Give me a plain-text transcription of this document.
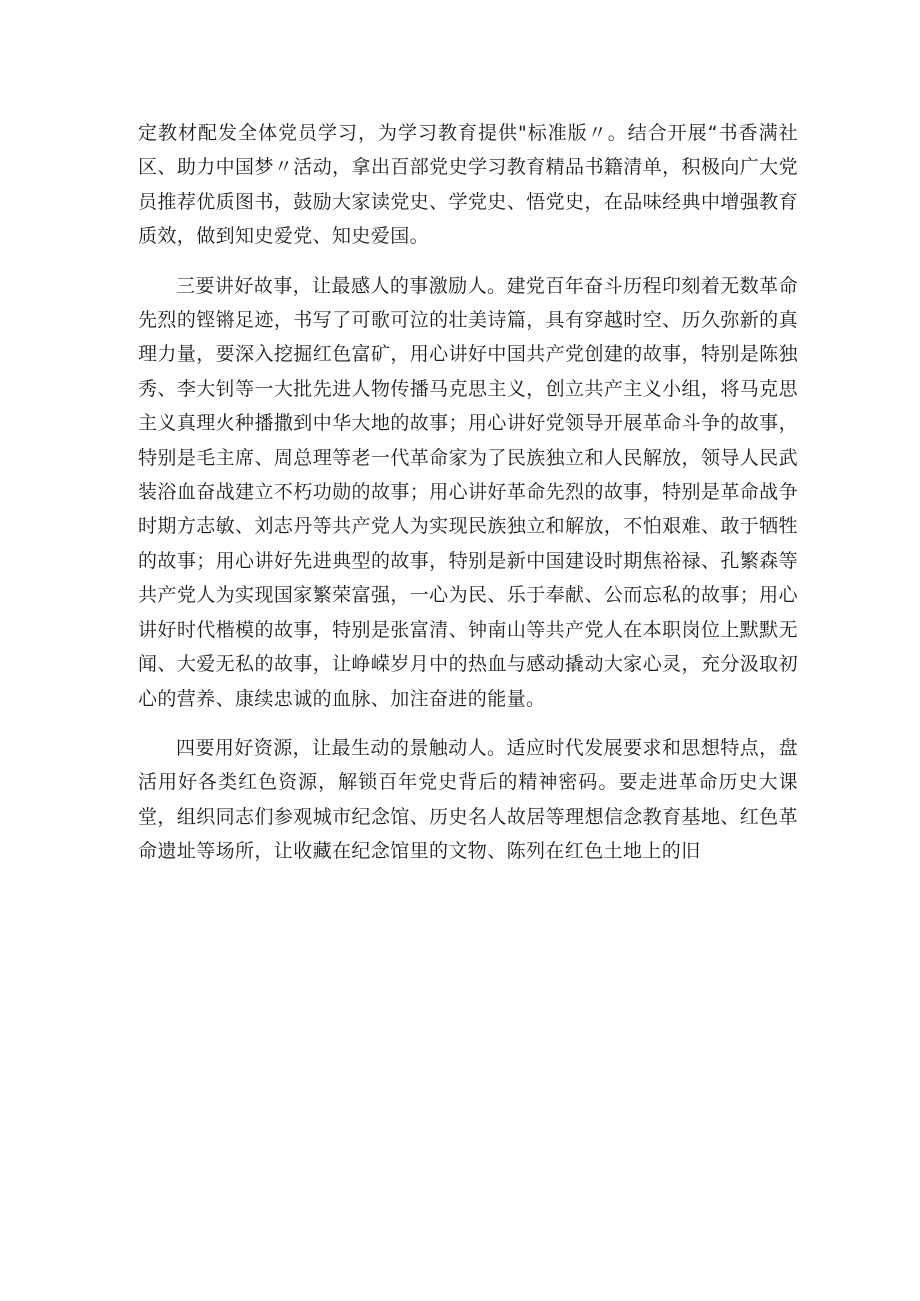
定教材配发全体党员学习，为学习教育提供"标准版〃。结合开展“书香满社区、助力中国梦〃活动，拿出百部党史学习教育精品书籍清单，积极向广大党员推荐优质图书，鼓励大家读党史、学党史、悟党史，在品味经典中增强教育质效，做到知史爱党、知史爱国。

三要讲好故事，让最感人的事激励人。建党百年奋斗历程印刻着无数革命先烈的铿锵足迹，书写了可歌可泣的壮美诗篇，具有穿越时空、历久弥新的真理力量，要深入挖掘红色富矿，用心讲好中国共产党创建的故事，特别是陈独秀、李大钊等一大批先进人物传播马克思主义，创立共产主义小组，将马克思主义真理火种播撒到中华大地的故事；用心讲好党领导开展革命斗争的故事，特别是毛主席、周总理等老一代革命家为了民族独立和人民解放，领导人民武装浴血奋战建立不朽功勋的故事；用心讲好革命先烈的故事，特别是革命战争时期方志敏、刘志丹等共产党人为实现民族独立和解放，不怕艰难、敢于牺牲的故事；用心讲好先进典型的故事，特别是新中国建设时期焦裕禄、孔繁森等共产党人为实现国家繁荣富强，一心为民、乐于奉献、公而忘私的故事；用心讲好时代楷模的故事，特别是张富清、钟南山等共产党人在本职岗位上默默无闻、大爱无私的故事，让峥嵘岁月中的热血与感动撬动大家心灵，充分汲取初心的营养、康续忠诚的血脉、加注奋进的能量。

四要用好资源，让最生动的景触动人。适应时代发展要求和思想特点，盘活用好各类红色资源，解锁百年党史背后的精神密码。要走进革命历史大课堂，组织同志们参观城市纪念馆、历史名人故居等理想信念教育基地、红色革命遗址等场所，让收藏在纪念馆里的文物、陈列在红色土地上的旧
